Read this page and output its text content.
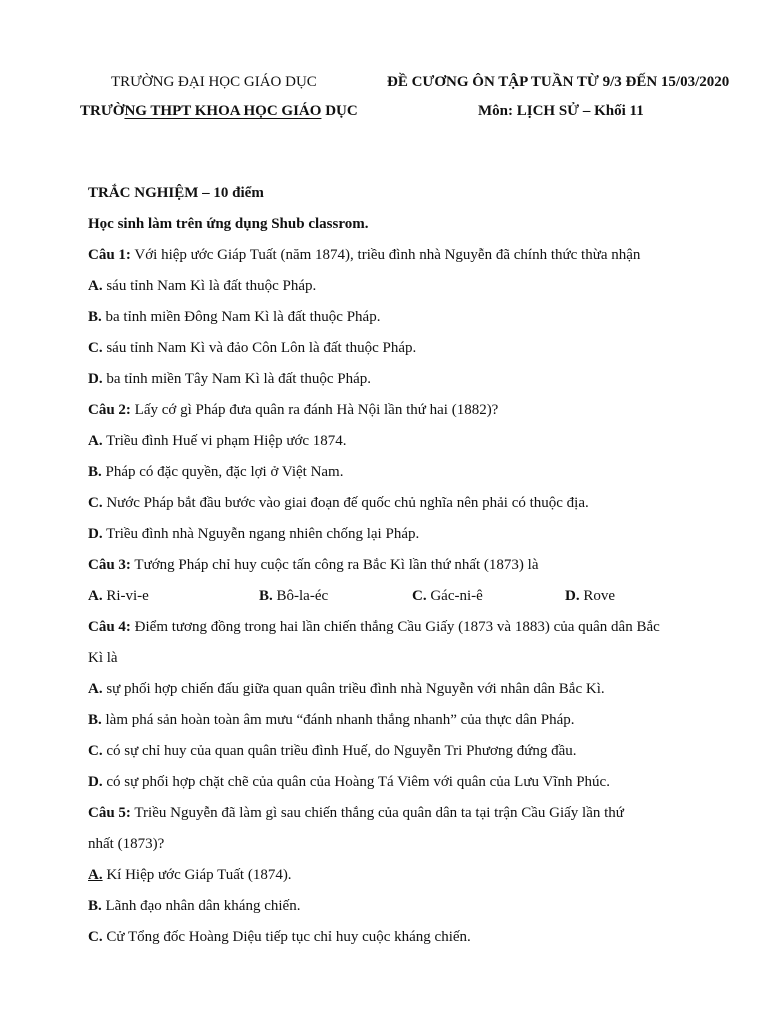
TRƯỜNG ĐẠI HỌC GIÁO DỤC
TRƯỜNG THPT KHOA HỌC GIÁO DỤC
ĐỀ CƯƠNG ÔN TẬP TUẦN TỪ 9/3 ĐẾN 15/03/2020
Môn: LỊCH SỬ – Khối 11
TRẮC NGHIỆM – 10 điểm
Học sinh làm trên ứng dụng Shub classrom.
Câu 1: Với hiệp ước Giáp Tuất (năm 1874), triều đình nhà Nguyễn đã chính thức thừa nhận
A. sáu tỉnh Nam Kì là đất thuộc Pháp.
B. ba tỉnh miền Đông Nam Kì là đất thuộc Pháp.
C. sáu tỉnh Nam Kì và đảo Côn Lôn là đất thuộc Pháp.
D. ba tỉnh miền Tây Nam Kì là đất thuộc Pháp.
Câu 2: Lấy cớ gì Pháp đưa quân ra đánh Hà Nội lần thứ hai (1882)?
A. Triều đình Huế vi phạm Hiệp ước 1874.
B. Pháp có đặc quyền, đặc lợi ở Việt Nam.
C. Nước Pháp bắt đầu bước vào giai đoạn đế quốc chủ nghĩa nên phải có thuộc địa.
D. Triều đình nhà Nguyễn ngang nhiên chống lại Pháp.
Câu 3: Tướng Pháp chỉ huy cuộc tấn công ra Bắc Kì lần thứ nhất (1873) là
A. Ri-vi-e	B. Bô-la-éc	C. Gác-ni-ê	D. Rove
Câu 4: Điểm tương đồng trong hai lần chiến thắng Cầu Giấy (1873 và 1883) của quân dân Bắc
Kì là
A. sự phối hợp chiến đấu giữa quan quân triều đình nhà Nguyễn với nhân dân Bắc Kì.
B. làm phá sản hoàn toàn âm mưu “đánh nhanh thắng nhanh” của thực dân Pháp.
C. có sự chỉ huy của quan quân triều đình Huế, do Nguyễn Tri Phương đứng đầu.
D. có sự phối hợp chặt chẽ của quân của Hoàng Tá Viêm với quân của Lưu Vĩnh Phúc.
Câu 5: Triều Nguyễn đã làm gì sau chiến thắng của quân dân ta tại trận Cầu Giấy lần thứ
nhất (1873)?
A. Kí Hiệp ước Giáp Tuất (1874).
B. Lãnh đạo nhân dân kháng chiến.
C. Cử Tổng đốc Hoàng Diệu tiếp tục chỉ huy cuộc kháng chiến.
